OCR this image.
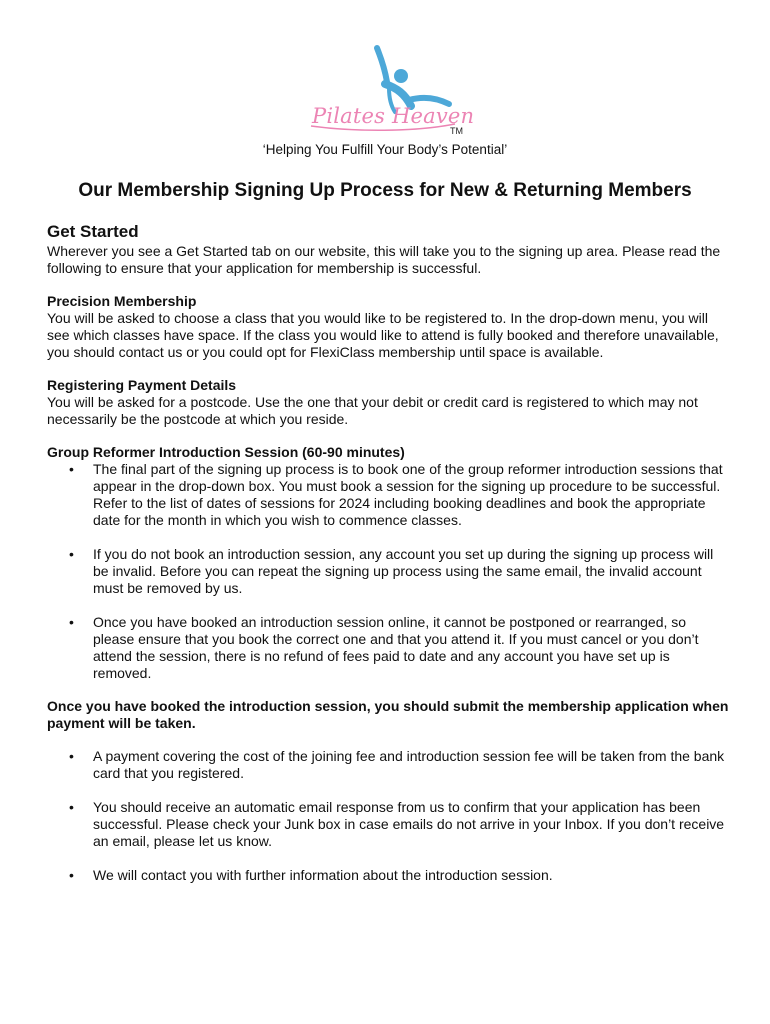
Pilates Heaven
TM
‘Helping You Fulfill Your Body’s Potential’
Our Membership Signing Up Process for New & Returning Members
Get Started

Wherever you see a Get Started tab on our website, this will take you to the signing up area. Please read the following to ensure that your application for membership is successful.

Precision Membership

You will be asked to choose a class that you would like to be registered to. In the drop-down menu, you will see which classes have space. If the class you would like to attend is fully booked and therefore unavailable, you should contact us or you could opt for FlexiClass membership until space is available.

Registering Payment Details

You will be asked for a postcode. Use the one that your debit or credit card is registered to which may not necessarily be the postcode at which you reside.

Group Reformer Introduction Session (60-90 minutes)
• The final part of the signing up process is to book one of the group reformer introduction sessions that appear in the drop-down box. You must book a session for the signing up procedure to be successful. Refer to the list of dates of sessions for 2024 including booking deadlines and book the appropriate date for the month in which you wish to commence classes.
• If you do not book an introduction session, any account you set up during the signing up process will be invalid. Before you can repeat the signing up process using the same email, the invalid account must be removed by us.
• Once you have booked an introduction session online, it cannot be postponed or rearranged, so please ensure that you book the correct one and that you attend it. If you must cancel or you don’t attend the session, there is no refund of fees paid to date and any account you have set up is removed.

Once you have booked the introduction session, you should submit the membership application when payment will be taken.

• A payment covering the cost of the joining fee and introduction session fee will be taken from the bank card that you registered.
• You should receive an automatic email response from us to confirm that your application has been successful. Please check your Junk box in case emails do not arrive in your Inbox. If you don’t receive an email, please let us know.
• We will contact you with further information about the introduction session.
